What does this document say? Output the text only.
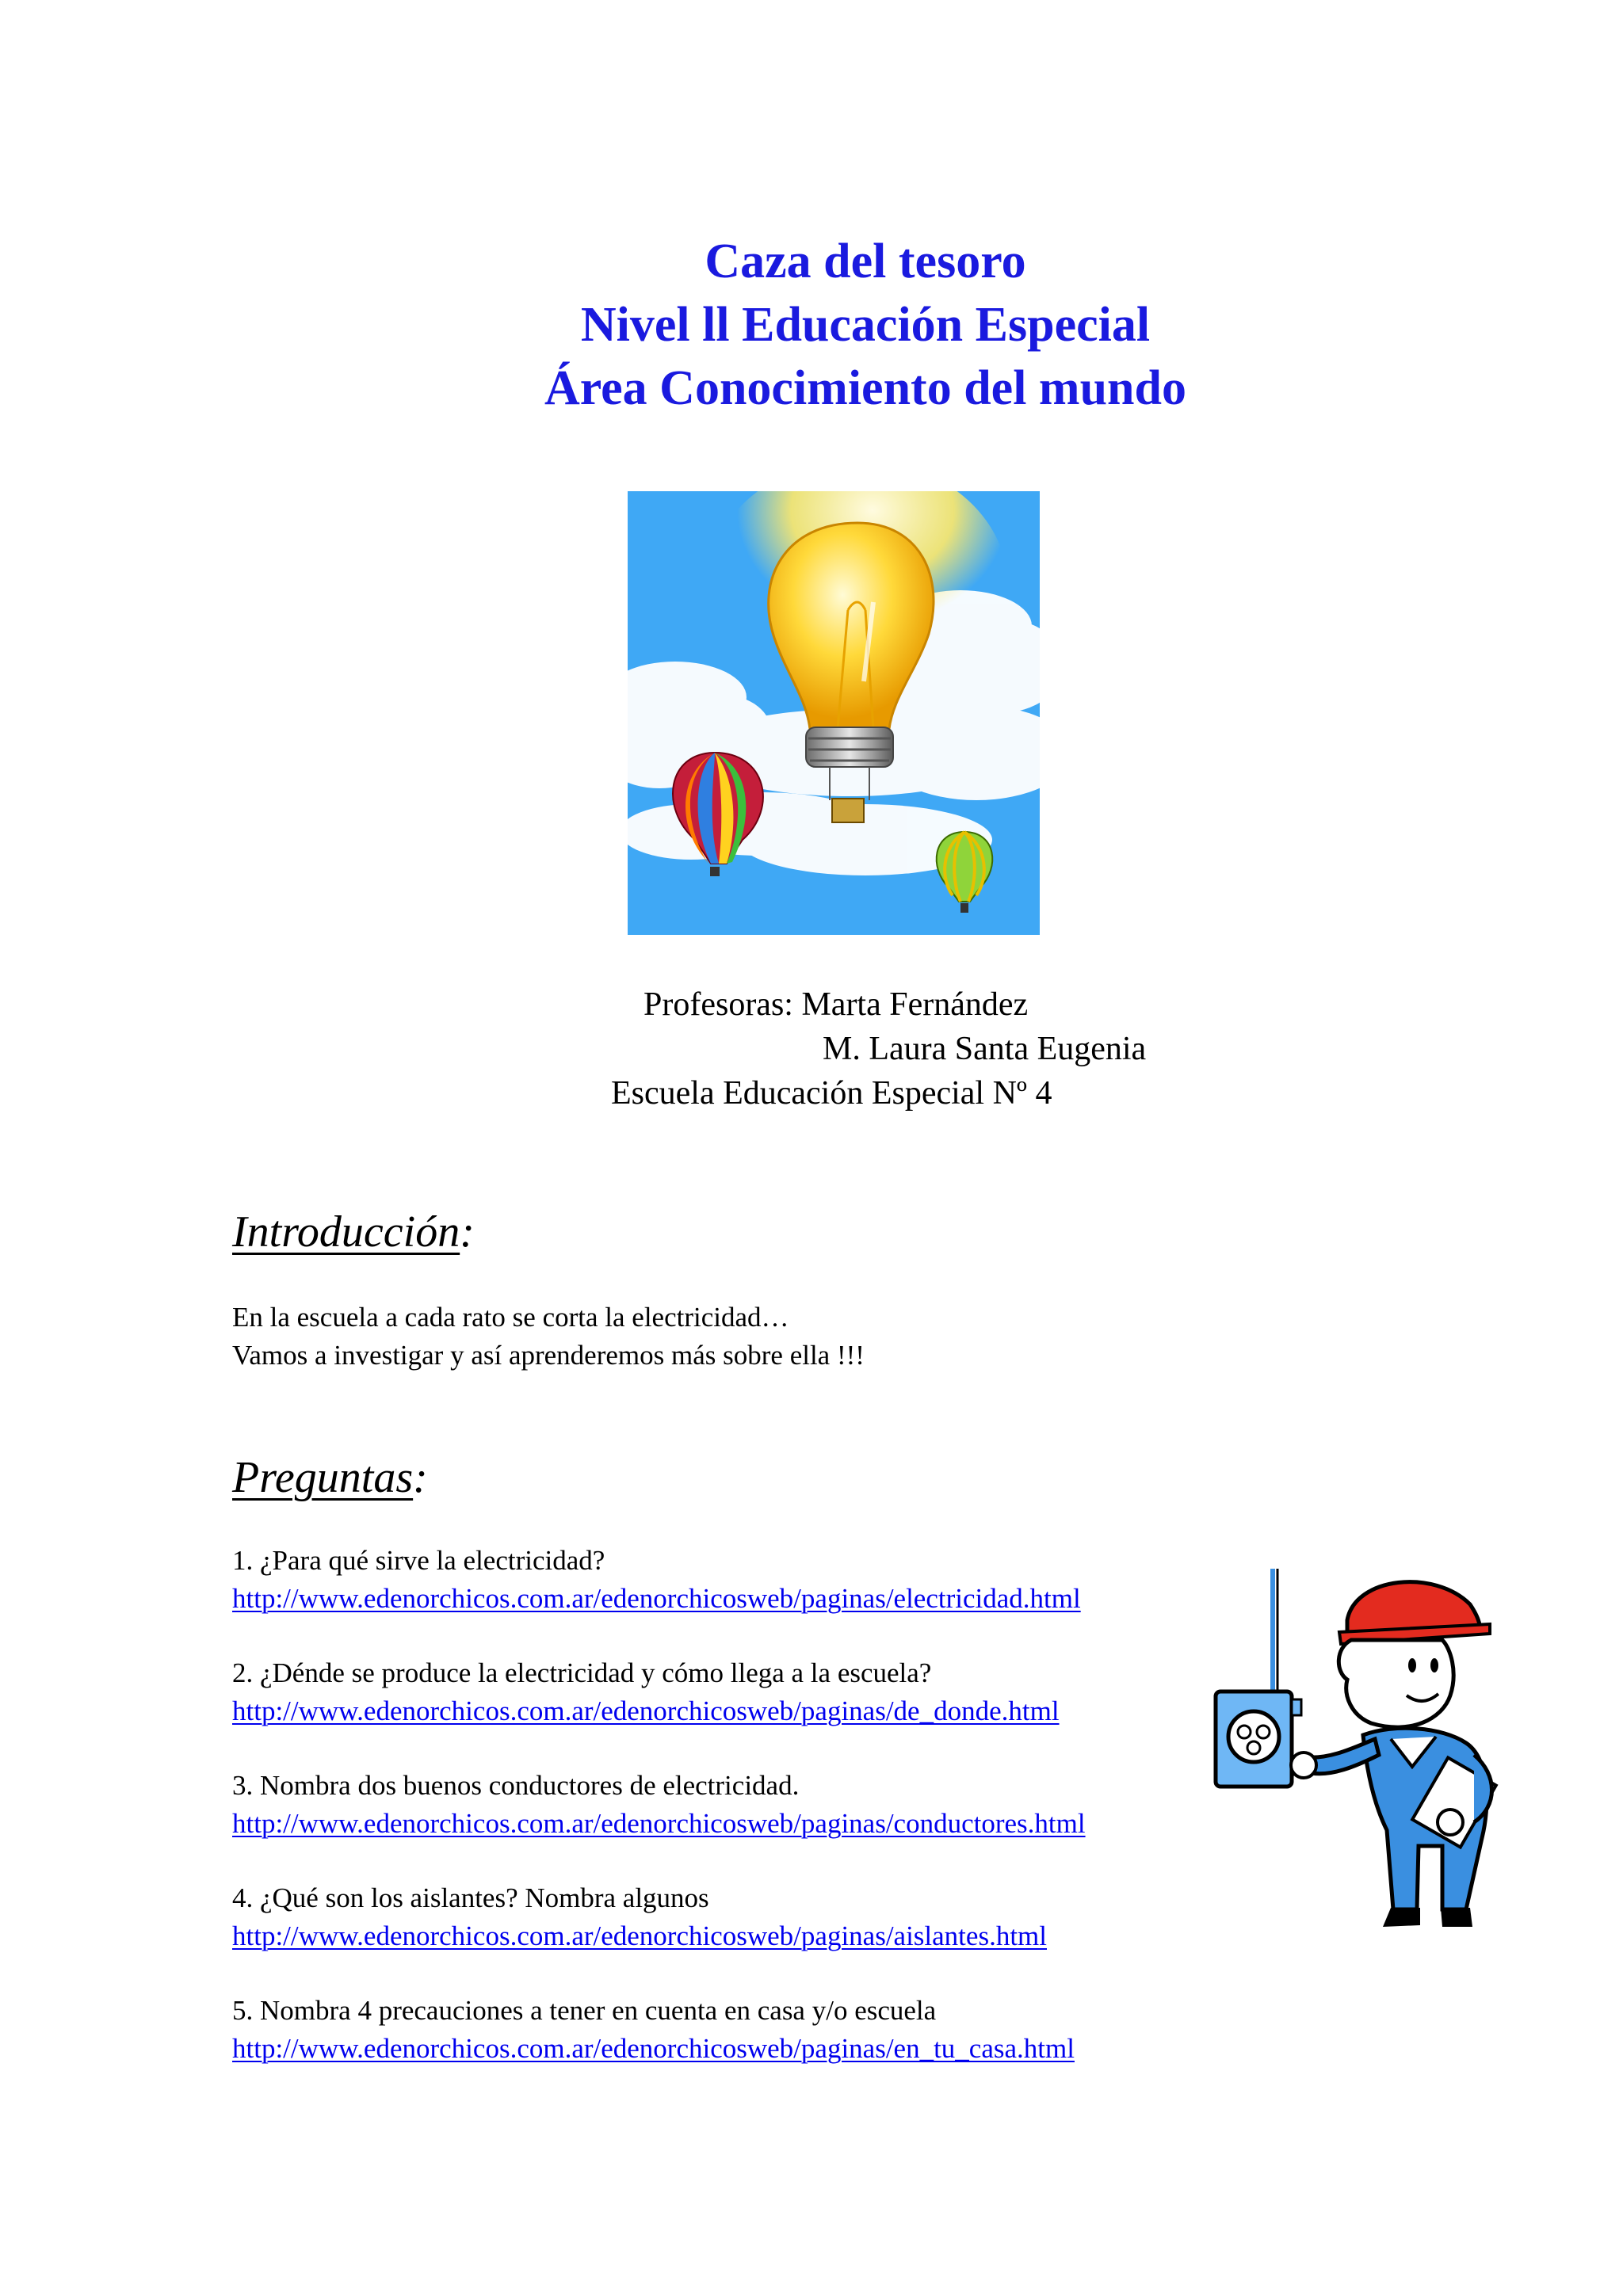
Caza del tesoro
Nivel ll Educación Especial
Área Conocimiento del mundo
Profesoras: Marta Fernández
M. Laura Santa Eugenia
Escuela Educación Especial Nº 4
Introducción:
En la escuela a cada rato se corta la electricidad…
Vamos a investigar y así aprenderemos más sobre ella !!!
Preguntas:
1. ¿Para qué sirve la electricidad?
http://www.edenorchicos.com.ar/edenorchicosweb/paginas/electricidad.html
2. ¿Dénde se produce la electricidad y cómo llega a la escuela?
http://www.edenorchicos.com.ar/edenorchicosweb/paginas/de_donde.html
3. Nombra dos buenos conductores de electricidad.
http://www.edenorchicos.com.ar/edenorchicosweb/paginas/conductores.html
4. ¿Qué son los aislantes? Nombra algunos
http://www.edenorchicos.com.ar/edenorchicosweb/paginas/aislantes.html
5. Nombra 4 precauciones a tener en cuenta en casa y/o escuela
http://www.edenorchicos.com.ar/edenorchicosweb/paginas/en_tu_casa.html
